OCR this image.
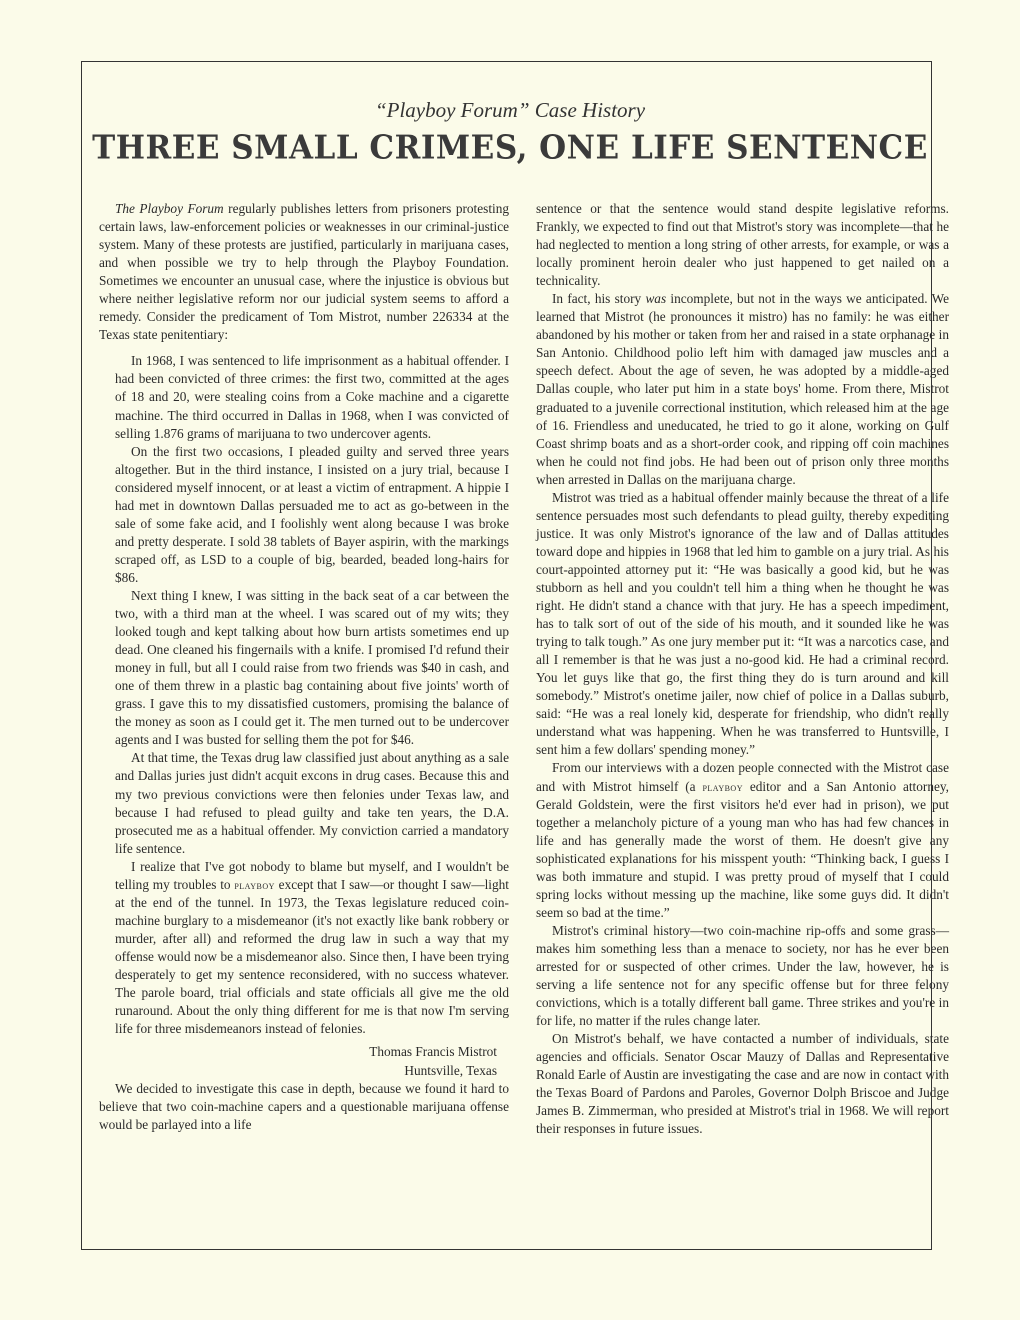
“Playboy Forum” Case History
THREE SMALL CRIMES, ONE LIFE SENTENCE

The Playboy Forum regularly publishes letters from prisoners protesting certain laws, law-enforcement policies or weaknesses in our criminal-justice system. Many of these protests are justified, particularly in marijuana cases, and when possible we try to help through the Playboy Foundation. Sometimes we encounter an unusual case, where the injustice is obvious but where neither legislative reform nor our judicial system seems to afford a remedy. Consider the predicament of Tom Mistrot, number 226334 at the Texas state penitentiary:

In 1968, I was sentenced to life imprisonment as a habitual offender. I had been convicted of three crimes: the first two, committed at the ages of 18 and 20, were stealing coins from a Coke machine and a cigarette machine. The third occurred in Dallas in 1968, when I was convicted of selling 1.876 grams of marijuana to two undercover agents.

On the first two occasions, I pleaded guilty and served three years altogether. But in the third instance, I insisted on a jury trial, because I considered myself innocent, or at least a victim of entrapment. A hippie I had met in downtown Dallas persuaded me to act as go-between in the sale of some fake acid, and I foolishly went along because I was broke and pretty desperate. I sold 38 tablets of Bayer aspirin, with the markings scraped off, as LSD to a couple of big, bearded, beaded long-hairs for $86.

Next thing I knew, I was sitting in the back seat of a car between the two, with a third man at the wheel. I was scared out of my wits; they looked tough and kept talking about how burn artists sometimes end up dead. One cleaned his fingernails with a knife. I promised I'd refund their money in full, but all I could raise from two friends was $40 in cash, and one of them threw in a plastic bag containing about five joints' worth of grass. I gave this to my dissatisfied customers, promising the balance of the money as soon as I could get it. The men turned out to be undercover agents and I was busted for selling them the pot for $46.

At that time, the Texas drug law classified just about anything as a sale and Dallas juries just didn't acquit excons in drug cases. Because this and my two previous convictions were then felonies under Texas law, and because I had refused to plead guilty and take ten years, the D.A. prosecuted me as a habitual offender. My conviction carried a mandatory life sentence.

I realize that I've got nobody to blame but myself, and I wouldn't be telling my troubles to playboy except that I saw—or thought I saw—light at the end of the tunnel. In 1973, the Texas legislature reduced coin-machine burglary to a misdemeanor (it's not exactly like bank robbery or murder, after all) and reformed the drug law in such a way that my offense would now be a misdemeanor also. Since then, I have been trying desperately to get my sentence reconsidered, with no success whatever. The parole board, trial officials and state officials all give me the old runaround. About the only thing different for me is that now I'm serving life for three misdemeanors instead of felonies.

Thomas Francis Mistrot
Huntsville, Texas

We decided to investigate this case in depth, because we found it hard to believe that two coin-machine capers and a questionable marijuana offense would be parlayed into a life

sentence or that the sentence would stand despite legislative reforms. Frankly, we expected to find out that Mistrot's story was incomplete—that he had neglected to mention a long string of other arrests, for example, or was a locally prominent heroin dealer who just happened to get nailed on a technicality.

In fact, his story was incomplete, but not in the ways we anticipated. We learned that Mistrot (he pronounces it mistro) has no family: he was either abandoned by his mother or taken from her and raised in a state orphanage in San Antonio. Childhood polio left him with damaged jaw muscles and a speech defect. About the age of seven, he was adopted by a middle-aged Dallas couple, who later put him in a state boys' home. From there, Mistrot graduated to a juvenile correctional institution, which released him at the age of 16. Friendless and uneducated, he tried to go it alone, working on Gulf Coast shrimp boats and as a short-order cook, and ripping off coin machines when he could not find jobs. He had been out of prison only three months when arrested in Dallas on the marijuana charge.

Mistrot was tried as a habitual offender mainly because the threat of a life sentence persuades most such defendants to plead guilty, thereby expediting justice. It was only Mistrot's ignorance of the law and of Dallas attitudes toward dope and hippies in 1968 that led him to gamble on a jury trial. As his court-appointed attorney put it: “He was basically a good kid, but he was stubborn as hell and you couldn't tell him a thing when he thought he was right. He didn't stand a chance with that jury. He has a speech impediment, has to talk sort of out of the side of his mouth, and it sounded like he was trying to talk tough.” As one jury member put it: “It was a narcotics case, and all I remember is that he was just a no-good kid. He had a criminal record. You let guys like that go, the first thing they do is turn around and kill somebody.” Mistrot's onetime jailer, now chief of police in a Dallas suburb, said: “He was a real lonely kid, desperate for friendship, who didn't really understand what was happening. When he was transferred to Huntsville, I sent him a few dollars' spending money.”

From our interviews with a dozen people connected with the Mistrot case and with Mistrot himself (a playboy editor and a San Antonio attorney, Gerald Goldstein, were the first visitors he'd ever had in prison), we put together a melancholy picture of a young man who has had few chances in life and has generally made the worst of them. He doesn't give any sophisticated explanations for his misspent youth: “Thinking back, I guess I was both immature and stupid. I was pretty proud of myself that I could spring locks without messing up the machine, like some guys did. It didn't seem so bad at the time.”

Mistrot's criminal history—two coin-machine rip-offs and some grass—makes him something less than a menace to society, nor has he ever been arrested for or suspected of other crimes. Under the law, however, he is serving a life sentence not for any specific offense but for three felony convictions, which is a totally different ball game. Three strikes and you're in for life, no matter if the rules change later.

On Mistrot's behalf, we have contacted a number of individuals, state agencies and officials. Senator Oscar Mauzy of Dallas and Representative Ronald Earle of Austin are investigating the case and are now in contact with the Texas Board of Pardons and Paroles, Governor Dolph Briscoe and Judge James B. Zimmerman, who presided at Mistrot's trial in 1968. We will report their responses in future issues.
